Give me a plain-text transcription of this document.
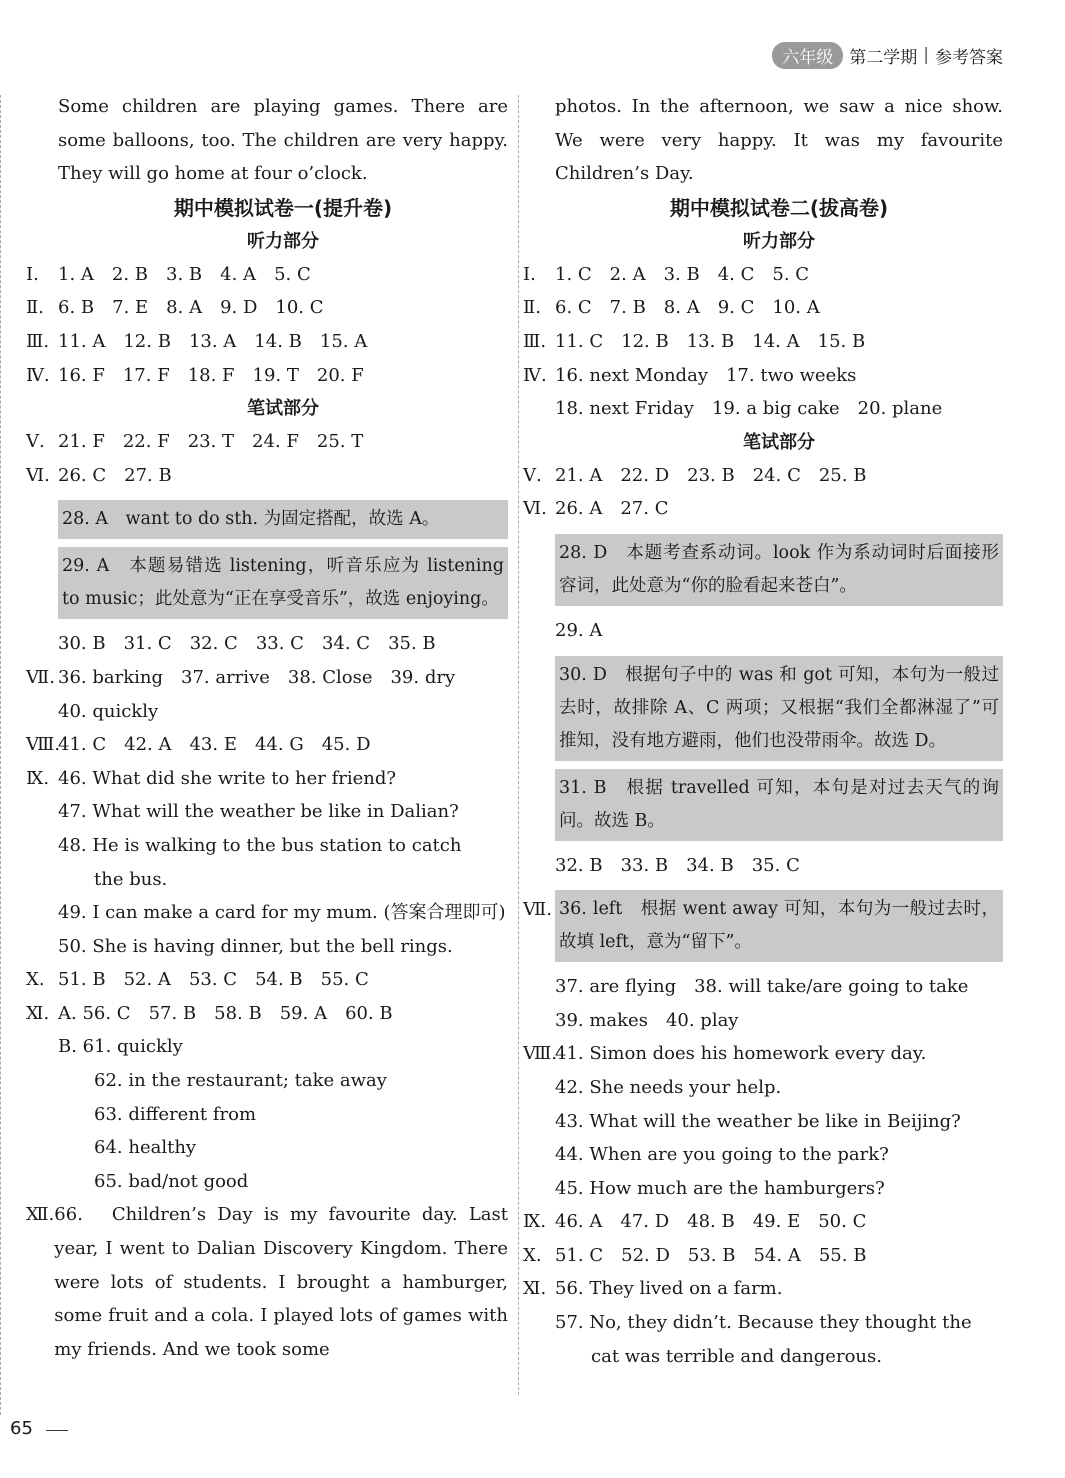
六年级 第二学期 | 参考答案

Some children are playing games. There are some balloons, too. The children are very happy. They will go home at four o’clock.

期中模拟试卷一(提升卷)

听力部分

Ⅰ.	1. A 2. B 3. B 4. A 5. C
Ⅱ. 6. B 7. E 8. A 9. D 10. C
Ⅲ. 11. A 12. B 13. A 14. B 15. A
Ⅳ. 16. F 17. F 18. F 19. T 20. F

笔试部分

Ⅴ. 21. F 22. F 23. T 24. F 25. T
Ⅵ. 26. C 27. B
28. A　want to do sth. 为固定搭配，故选 A。
29. A　本题易错选 listening，听音乐应为 listening to music；此处意为“正在享受音乐”，故选 enjoying。
30. B 31. C 32. C 33. C 34. C 35. B
Ⅶ. 36. barking 37. arrive 38. Close 39. dry
40. quickly
Ⅷ.
41. C 42. A 43. E 44. G 45. D
Ⅸ. 46. What did she write to her friend?
47. What will the weather be like in Dalian?
48. He is walking to the bus station to catch
the bus.
49. I can make a card for my mum. (答案合理即可)
50. She is having dinner, but the bell rings.
Ⅹ. 51. B 52. A 53. C 54. B 55. C
Ⅺ. A. 56. C 57. B 58. B 59. A 60. B
B. 61. quickly
62. in the restaurant; take away
63. different from
64. healthy
65. bad/not good
Ⅻ. 66.　Children’s Day is my favourite day. Last year, I went to Dalian Discovery Kingdom. There were lots of students. I brought a hamburger, some fruit and a cola. I played lots of games with my friends. And we took some

photos. In the afternoon, we saw a nice show. We were very happy. It was my favourite Children’s Day.

期中模拟试卷二(拔高卷)

听力部分

Ⅰ.	1. C 2. A 3. B 4. C 5. C
Ⅱ. 6. C 7. B 8. A 9. C 10. A
Ⅲ. 11. C 12. B 13. B 14. A 15. B
Ⅳ. 16. next Monday　17. two weeks
18. next Friday　19. a big cake　20. plane

笔试部分

Ⅴ. 21. A 22. D 23. B 24. C 25. B
Ⅵ. 26. A 27. C
28. D　本题考查系动词。look 作为系动词时后面接形容词，此处意为“你的脸看起来苍白”。
29. A
30. D　根据句子中的 was 和 got 可知，本句为一般过去时，故排除 A、C 两项；又根据“我们全都淋湿了”可推知，没有地方避雨，他们也没带雨伞。故选 D。
31. B　根据 travelled 可知，本句是对过去天气的询问。故选 B。
32. B 33. B 34. B 35. C
Ⅶ. 36. left　根据 went away 可知，本句为一般过去时，故填 left，意为“留下”。
37. are flying　38. will take/are going to take
39. makes　40. play
Ⅷ.
41. Simon does his homework every day.
42. She needs your help.
43. What will the weather be like in Beijing?
44. When are you going to the park?
45. How much are the hamburgers?
Ⅸ. 46. A 47. D 48. B 49. E 50. C
Ⅹ. 51. C 52. D 53. B 54. A 55. B
Ⅺ. 56. They lived on a farm.
57. No, they didn’t. Because they thought the
cat was terrible and dangerous.
65
